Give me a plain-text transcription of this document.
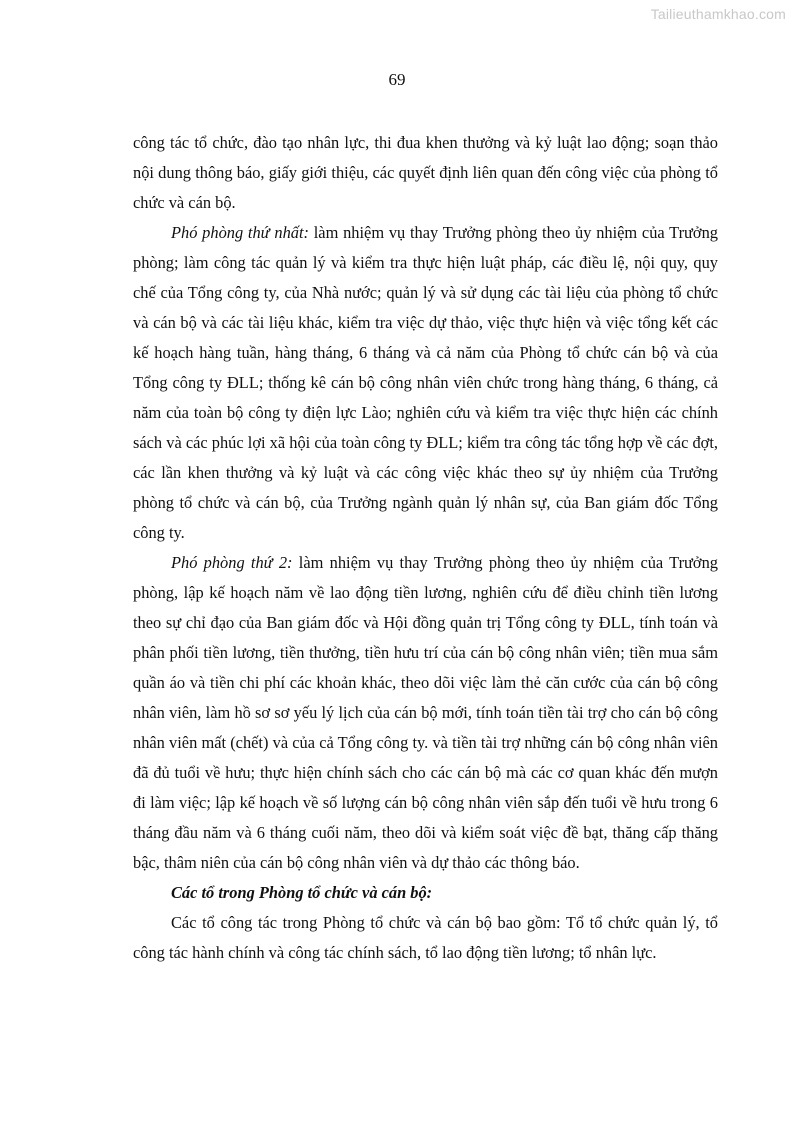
Tailieuthamkhao.com
69

công tác tổ chức, đào tạo nhân lực, thi đua khen thưởng và kỷ luật lao động; soạn thảo nội dung thông báo, giấy giới thiệu, các quyết định liên quan đến công việc của phòng tổ chức và cán bộ.

Phó phòng thứ nhất: làm nhiệm vụ thay Trưởng phòng theo ủy nhiệm của Trưởng phòng; làm công tác quản lý và kiểm tra thực hiện luật pháp, các điều lệ, nội quy, quy chế của Tổng công ty, của Nhà nước; quản lý và sử dụng các tài liệu của phòng tổ chức và cán bộ và các tài liệu khác, kiểm tra việc dự thảo, việc thực hiện và việc tổng kết các kế hoạch hàng tuần, hàng tháng, 6 tháng và cả năm của Phòng tổ chức cán bộ và của Tổng công ty ĐLL; thống kê cán bộ công nhân viên chức trong hàng tháng, 6 tháng, cả năm của toàn bộ công ty điện lực Lào; nghiên cứu và kiểm tra việc thực hiện các chính sách và các phúc lợi xã hội của toàn công ty ĐLL; kiểm tra công tác tổng hợp về các đợt, các lần khen thưởng và kỷ luật và các công việc khác theo sự ủy nhiệm của Trưởng phòng tổ chức và cán bộ, của Trưởng ngành quản lý nhân sự, của Ban giám đốc Tổng công ty.

Phó phòng thứ 2: làm nhiệm vụ thay Trưởng phòng theo ủy nhiệm của Trưởng phòng, lập kế hoạch năm về lao động tiền lương, nghiên cứu để điều chỉnh tiền lương theo sự chỉ đạo của Ban giám đốc và Hội đồng quản trị Tổng công ty ĐLL, tính toán và phân phối tiền lương, tiền thưởng, tiền hưu trí của cán bộ công nhân viên; tiền mua sắm quần áo và tiền chi phí các khoản khác, theo dõi việc làm thẻ căn cước của cán bộ công nhân viên, làm hồ sơ sơ yếu lý lịch của cán bộ mới, tính toán tiền tài trợ cho cán bộ công nhân viên mất (chết) và của cả Tổng công ty. và tiền tài trợ những cán bộ công nhân viên đã đủ tuổi về hưu; thực hiện chính sách cho các cán bộ mà các cơ quan khác đến mượn đi làm việc; lập kế hoạch về số lượng cán bộ công nhân viên sắp đến tuổi về hưu trong 6 tháng đầu năm và 6 tháng cuối năm, theo dõi và kiểm soát việc đề bạt, thăng cấp thăng bậc, thâm niên của cán bộ công nhân viên và dự thảo các thông báo.

Các tổ trong Phòng tổ chức và cán bộ:

Các tổ công tác trong Phòng tổ chức và cán bộ bao gồm: Tổ tổ chức quản lý, tổ công tác hành chính và công tác chính sách, tổ lao động tiền lương; tổ nhân lực.
